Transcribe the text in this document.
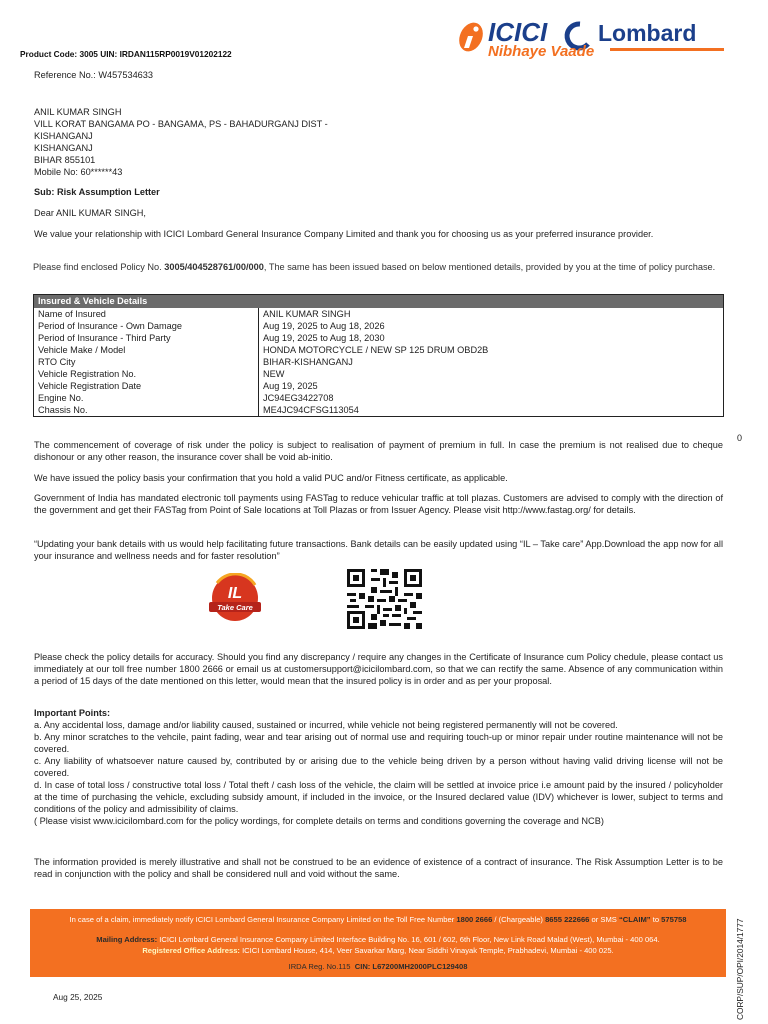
Product Code: 3005 UIN: IRDAN115RP0019V01202122
ICICI Lombard
Nibhaye Vaade
Reference No.: W457534633
ANIL KUMAR SINGH
VILL KORAT BANGAMA PO - BANGAMA, PS - BAHADURGANJ DIST -
KISHANGANJ
KISHANGANJ
BIHAR 855101
Mobile No: 60******43
Sub: Risk Assumption Letter
Dear ANIL KUMAR SINGH,
We value your relationship with ICICI Lombard General Insurance Company Limited and thank you for choosing us as your preferred insurance provider.
Please find enclosed Policy No. 3005/404528761/00/000, The same has been issued based on below mentioned details, provided by you at the time of policy purchase.
Insured & Vehicle Details	
Name of Insured	ANIL KUMAR SINGH
Period of Insurance - Own Damage	Aug 19, 2025 to Aug 18, 2026
Period of Insurance - Third Party	Aug 19, 2025 to Aug 18, 2030
Vehicle Make / Model	HONDA MOTORCYCLE / NEW SP 125 DRUM OBD2B
RTO City	BIHAR-KISHANGANJ
Vehicle Registration No.	NEW
Vehicle Registration Date	Aug 19, 2025
Engine No.	JC94EG3422708
Chassis No.	ME4JC94CFSG113054
0
The commencement of coverage of risk under the policy is subject to realisation of payment of premium in full. In case the premium is not realised due to cheque dishonour or any other reason, the insurance cover shall be void ab-initio.
We have issued the policy basis your confirmation that you hold a valid PUC and/or Fitness certificate, as applicable.
Government of India has mandated electronic toll payments using FASTag to reduce vehicular traffic at toll plazas. Customers are advised to comply with the direction of the government and get their FASTag from Point of Sale locations at Toll Plazas or from Issuer Agency. Please visit http://www.fastag.org/ for details.
“Updating your bank details with us would help facilitating future transactions. Bank details can be easily updated using “IL – Take care” App.Download the app now for all your insurance and wellness needs and for faster resolution”
IL
Take Care
Please check the policy details for accuracy. Should you find any discrepancy / require any changes in the Certificate of Insurance cum Policy chedule, please contact us immediately at our toll free number 1800 2666 or email us at customersupport@icicilombard.com, so that we can rectify the same. Absence of any communication within a period of 15 days of the date mentioned on this letter, would mean that the insured policy is in order and as per your proposal.
Important Points:
a. Any accidental loss, damage and/or liability caused, sustained or incurred, while vehicle not being registered permanently will not be covered.
b. Any minor scratches to the vehcile, paint fading, wear and tear arising out of normal use and requiring touch-up or minor repair under routine maintenance will not be covered.
c. Any liability of whatsoever nature caused by, contributed by or arising due to the vehicle being driven by a person without having valid driving license will not be covered.
d. In case of total loss / constructive total loss / Total theft / cash loss of the vehicle, the claim will be settled at invoice price i.e amount paid by the insured / policyholder at the time of purchasing the vehicle, excluding subsidy amount, if included in the invoice, or the Insured declared value (IDV) whichever is lower, subject to terms and conditions of the policy and admissibility of claims.
( Please visist www.icicilombard.com for the policy wordings, for complete details on terms and conditions governing the coverage and NCB)
The information provided is merely illustrative and shall not be construed to be an evidence of existence of a contract of insurance. The Risk Assumption Letter is to be read in conjunction with the policy and shall be considered null and void without the same.
In case of a claim, immediately notify ICICI Lombard General Insurance Company Limited on the Toll Free Number 1800 2666 / (Chargeable) 8655 222666 or SMS “CLAIM” to 575758
Mailing Address: ICICI Lombard General Insurance Company Limited Interface Building No. 16, 601 / 602, 6th Floor, New Link Road Malad (West), Mumbai - 400 064.
Registered Office Address: ICICI Lombard House, 414, Veer Savarkar Marg, Near Siddhi Vinayak Temple, Prabhadevi, Mumbai - 400 025.
IRDA Reg. No.115 CIN: L67200MH2000PLC129408
Aug 25, 2025	CORP/SUP/OPI/2014/1777
